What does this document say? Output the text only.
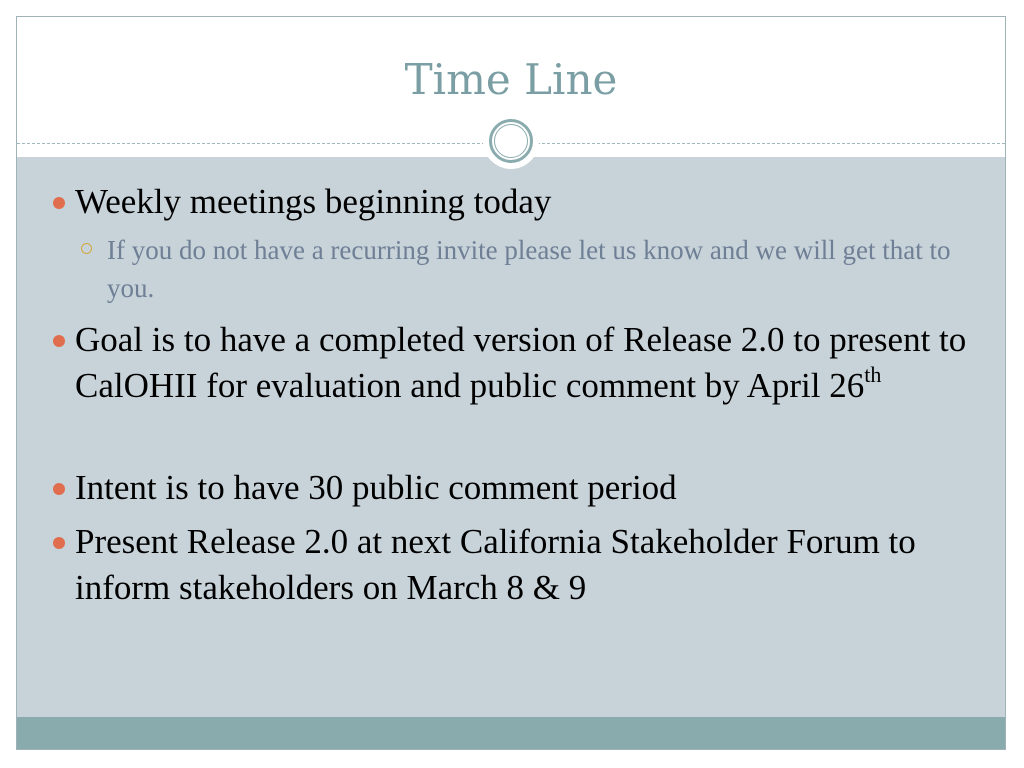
Time Line
Weekly meetings beginning today
If you do not have a recurring invite please let us know and we will get that to you.
Goal is to have a completed version of Release 2.0 to present to CalOHII for evaluation and public comment by April 26th
Intent is to have 30 public comment period
Present Release 2.0 at next California Stakeholder Forum to inform stakeholders on March 8 & 9
